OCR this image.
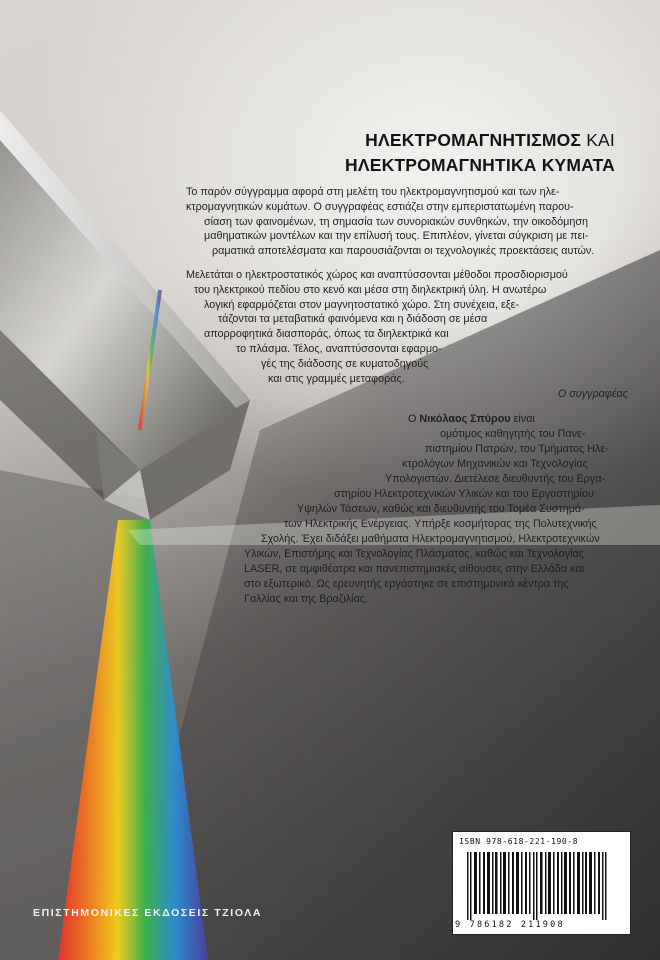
ΗΛΕΚΤΡΟΜΑΓΝΗΤΙΣΜΟΣ ΚΑΙ
ΗΛΕΚΤΡΟΜΑΓΝΗΤΙΚΑ ΚΥΜΑΤΑ
Το παρόν σύγγραμμα αφορά στη μελέτη του ηλεκτρομαγνητισμού και των ηλε-
κτρομαγνητικών κυμάτων. Ο συγγραφέας εστιάζει στην εμπεριστατωμένη παρου-
σίαση των φαινομένων, τη σημασία των συνοριακών συνθηκών, την οικοδόμηση
μαθηματικών μοντέλων και την επίλυσή τους. Επιπλέον, γίνεται σύγκριση με πει-
ραματικά αποτελέσματα και παρουσιάζονται οι τεχνολογικές προεκτάσεις αυτών.
Μελετάται ο ηλεκτροστατικός χώρος και αναπτύσσονται μέθοδοι προσδιορισμού
του ηλεκτρικού πεδίου στο κενό και μέσα στη διηλεκτρική ύλη. Η ανωτέρω
λογική εφαρμόζεται στον μαγνητοστατικό χώρο. Στη συνέχεια, εξε-
τάζονται τα μεταβατικά φαινόμενα και η διάδοση σε μέσα
απορροφητικά διασποράς, όπως τα διηλεκτρικά και
το πλάσμα. Τέλος, αναπτύσσονται εφαρμο-
γές της διάδοσης σε κυματοδηγούς
και στις γραμμές μεταφοράς.
Ο συγγραφέας
Ο Νικόλαος Σπύρου είναι
ομότιμος καθηγητής του Πανε-
πιστημίου Πατρών, του Τμήματος Ηλε-
κτρολόγων Μηχανικών και Τεχνολογίας
Υπολογιστών. Διετέλεσε διευθυντής του Εργα-
στηρίου Ηλεκτροτεχνικών Υλικών και του Εργαστηρίου
Υψηλών Τάσεων, καθώς και διευθυντής του Τομέα Συστημά-
των Ηλεκτρικής Ενέργειας. Υπήρξε κοσμήτορας της Πολυτεχνικής
Σχολής. Έχει διδάξει μαθήματα Ηλεκτρομαγνητισμού, Ηλεκτροτεχνικών
Υλικών, Επιστήμης και Τεχνολογίας Πλάσματος, καθώς και Τεχνολογίας
LASER, σε αμφιθέατρα και πανεπιστημιακές αίθουσες στην Ελλάδα και
στο εξωτερικό. Ως ερευνητής εργάστηκε σε επιστημονικά κέντρα της
Γαλλίας και της Βραζιλίας.
ΕΠΙΣΤΗΜΟΝΙΚΕΣ ΕΚΔΟΣΕΙΣ ΤΖΙΟΛΑ
ISBN 978-618-221-190-8
9 786182 211908
